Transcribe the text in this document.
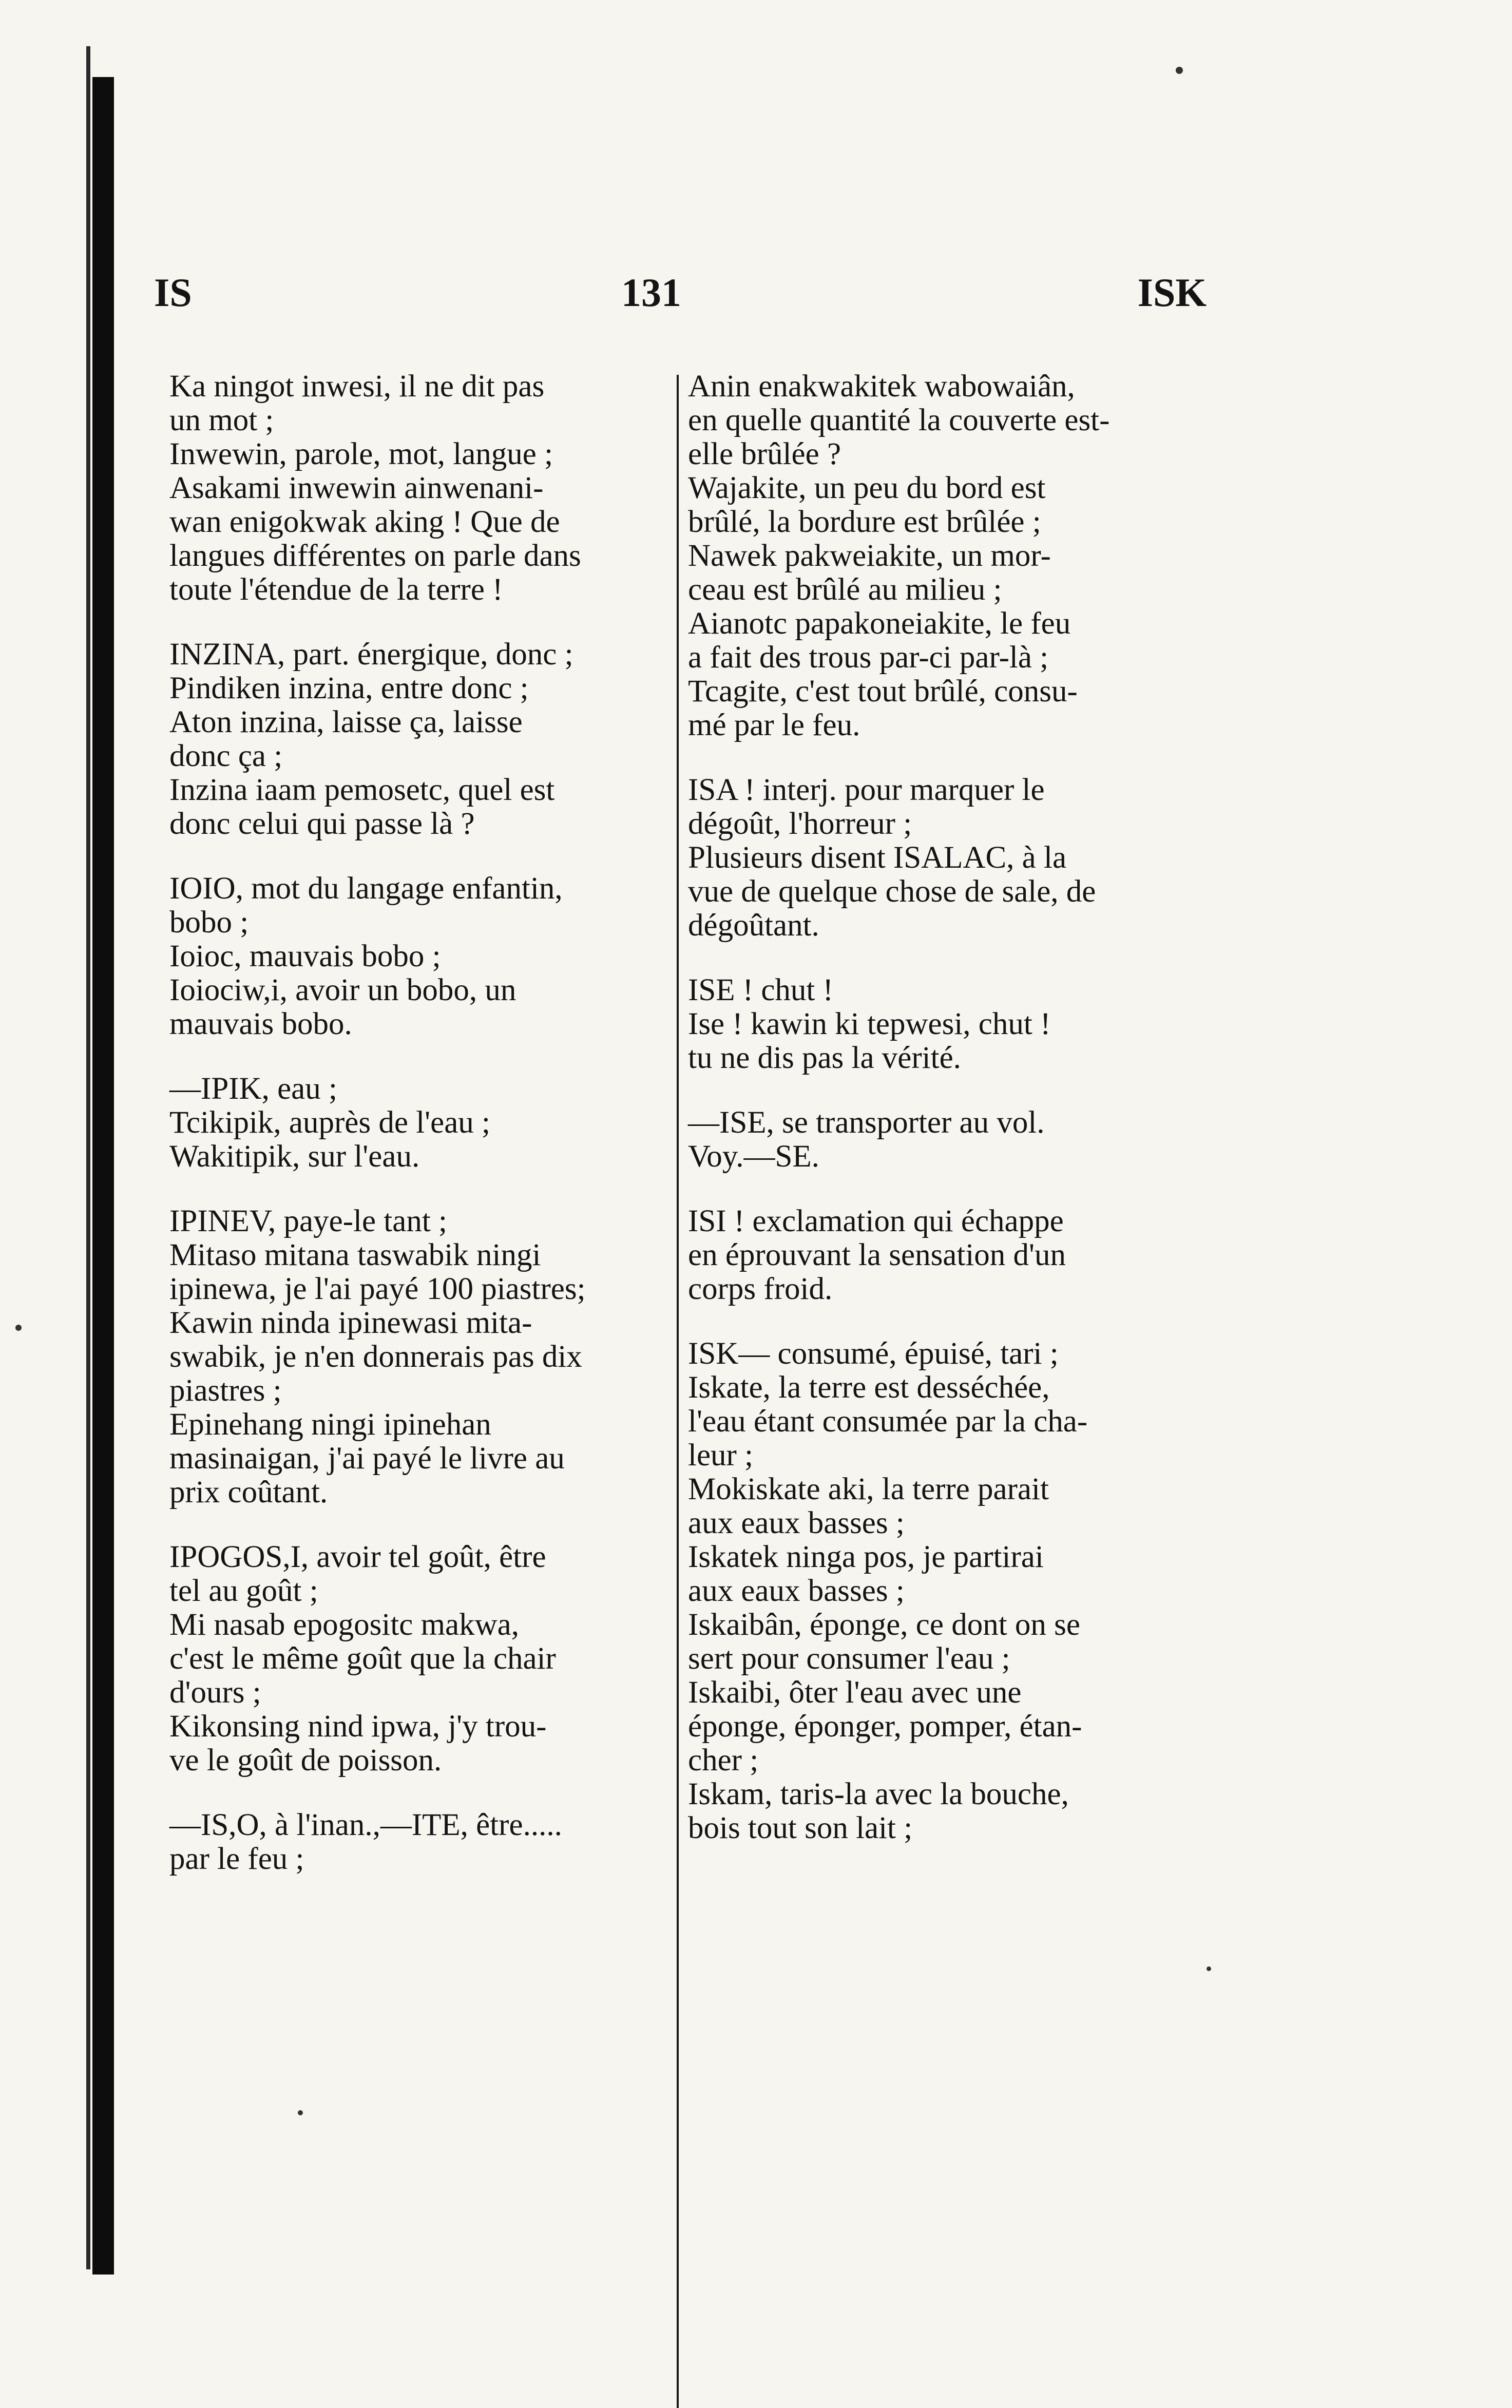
IS	131	ISK
Ka ningot inwesi, il ne dit pas
un mot ;
Inwewin, parole, mot, langue ;
Asakami inwewin ainwenani-
wan enigokwak aking ! Que de
langues différentes on parle dans
toute l'étendue de la terre !
INZINA, part. énergique, donc ;
Pindiken inzina, entre donc ;
Aton inzina, laisse ça, laisse
donc ça ;
Inzina iaam pemosetc, quel est
donc celui qui passe là ?
IOIO, mot du langage enfantin,
bobo ;
Ioioc, mauvais bobo ;
Ioiociw,i, avoir un bobo, un
mauvais bobo.
—IPIK, eau ;
Tcikipik, auprès de l'eau ;
Wakitipik, sur l'eau.
IPINEV, paye-le tant ;
Mitaso mitana taswabik ningi
ipinewa, je l'ai payé 100 piastres;
Kawin ninda ipinewasi mita-
swabik, je n'en donnerais pas dix
piastres ;
Epinehang ningi ipinehan
masinaigan, j'ai payé le livre au
prix coûtant.
IPOGOS,I, avoir tel goût, être
tel au goût ;
Mi nasab epogositc makwa,
c'est le même goût que la chair
d'ours ;
Kikonsing nind ipwa, j'y trou-
ve le goût de poisson.
—IS,O, à l'inan.,—ITE, être.....
par le feu ;
Anin enakwakitek wabowaiân,
en quelle quantité la couverte est-
elle brûlée ?
Wajakite, un peu du bord est
brûlé, la bordure est brûlée ;
Nawek pakweiakite, un mor-
ceau est brûlé au milieu ;
Aianotc papakoneiakite, le feu
a fait des trous par-ci par-là ;
Tcagite, c'est tout brûlé, consu-
mé par le feu.
ISA ! interj. pour marquer le
dégoût, l'horreur ;
Plusieurs disent ISALAC, à la
vue de quelque chose de sale, de
dégoûtant.
ISE ! chut !
Ise ! kawin ki tepwesi, chut !
tu ne dis pas la vérité.
—ISE, se transporter au vol.
Voy.—SE.
ISI ! exclamation qui échappe
en éprouvant la sensation d'un
corps froid.
ISK— consumé, épuisé, tari ;
Iskate, la terre est desséchée,
l'eau étant consumée par la cha-
leur ;
Mokiskate aki, la terre parait
aux eaux basses ;
Iskatek ninga pos, je partirai
aux eaux basses ;
Iskaibân, éponge, ce dont on se
sert pour consumer l'eau ;
Iskaibi, ôter l'eau avec une
éponge, éponger, pomper, étan-
cher ;
Iskam, taris-la avec la bouche,
bois tout son lait ;
